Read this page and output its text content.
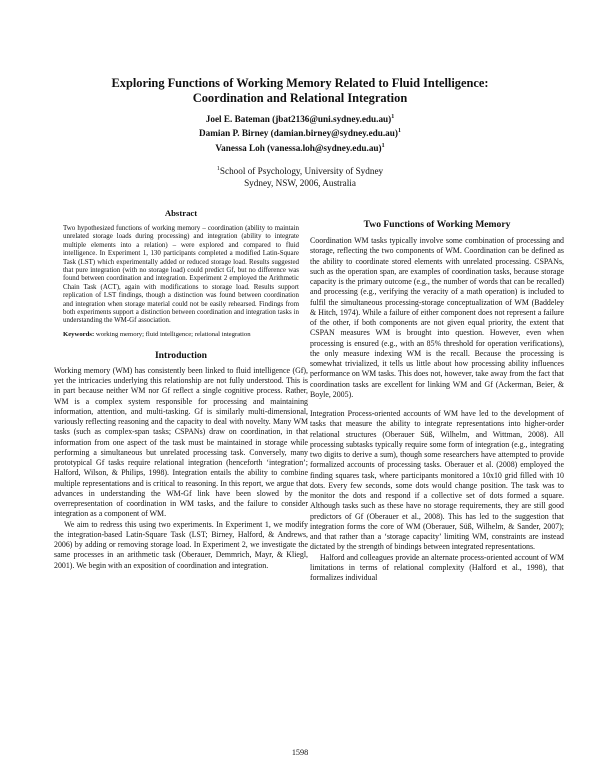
Exploring Functions of Working Memory Related to Fluid Intelligence:
Coordination and Relational Integration
Joel E. Bateman (jbat2136@uni.sydney.edu.au)$^1$
Damian P. Birney (damian.birney@sydney.edu.au)$^1$
Vanessa Loh (vanessa.loh@sydney.edu.au)$^1$
$^1$School of Psychology, University of Sydney
Sydney, NSW, 2006, Australia
Abstract

Two hypothesized functions of working memory – coordination (ability to maintain unrelated storage loads during processing) and integration (ability to integrate multiple elements into a relation) – were explored and compared to fluid intelligence. In Experiment 1, 130 participants completed a modified Latin-Square Task (LST) which experimentally added or reduced storage load. Results suggested that pure integration (with no storage load) could predict Gf, but no difference was found between coordination and integration. Experiment 2 employed the Arithmetic Chain Task (ACT), again with modifications to storage load. Results support replication of LST findings, though a distinction was found between coordination and integration when storage material could not be easily rehearsed. Findings from both experiments support a distinction between coordination and integration tasks in understanding the WM-Gf association.

Keywords: working memory; fluid intelligence; relational integration

Introduction

Working memory (WM) has consistently been linked to fluid intelligence (Gf), yet the intricacies underlying this relationship are not fully understood. This is in part because neither WM nor Gf reflect a single cognitive process. Rather, WM is a complex system responsible for processing and maintaining information, attention, and multi-tasking. Gf is similarly multi-dimensional, variously reflecting reasoning and the capacity to deal with novelty. Many WM tasks (such as complex-span tasks; CSPANs) draw on coordination, in that information from one aspect of the task must be maintained in storage while performing a simultaneous but unrelated processing task. Conversely, many prototypical Gf tasks require relational integration (henceforth ‘integration’; Halford, Wilson, & Philips, 1998). Integration entails the ability to combine multiple representations and is critical to reasoning. In this report, we argue that advances in understanding the WM-Gf link have been slowed by the overrepresentation of coordination in WM tasks, and the failure to consider integration as a component of WM.

We aim to redress this using two experiments. In Experiment 1, we modify the integration-based Latin-Square Task (LST; Birney, Halford, & Andrews, 2006) by adding or removing storage load. In Experiment 2, we investigate the same processes in an arithmetic task (Oberauer, Demmrich, Mayr, & Kliegl, 2001). We begin with an exposition of coordination and integration.

Two Functions of Working Memory

Coordination WM tasks typically involve some combination of processing and storage, reflecting the two components of WM. Coordination can be defined as the ability to coordinate stored elements with unrelated processing. CSPANs, such as the operation span, are examples of coordination tasks, because storage capacity is the primary outcome (e.g., the number of words that can be recalled) and processing (e.g., verifying the veracity of a math operation) is included to fulfil the simultaneous processing-storage conceptualization of WM (Baddeley & Hitch, 1974). While a failure of either component does not represent a failure of the other, if both components are not given equal priority, the extent that CSPAN measures WM is brought into question. However, even when processing is ensured (e.g., with an 85% threshold for operation verifications), the only measure indexing WM is the recall. Because the processing is somewhat trivialized, it tells us little about how processing ability influences performance on WM tasks. This does not, however, take away from the fact that coordination tasks are excellent for linking WM and Gf (Ackerman, Beier, & Boyle, 2005).

Integration Process-oriented accounts of WM have led to the development of tasks that measure the ability to integrate representations into higher-order relational structures (Oberauer Süß, Wilhelm, and Wittman, 2008). All processing subtasks typically require some form of integration (e.g., integrating two digits to derive a sum), though some researchers have attempted to provide formalized accounts of processing tasks. Oberauer et al. (2008) employed the finding squares task, where participants monitored a 10x10 grid filled with 10 dots. Every few seconds, some dots would change position. The task was to monitor the dots and respond if a collective set of dots formed a square. Although tasks such as these have no storage requirements, they are still good predictors of Gf (Oberauer et al., 2008). This has led to the suggestion that integration forms the core of WM (Oberauer, Süß, Wilhelm, & Sander, 2007); and that rather than a ‘storage capacity’ limiting WM, constraints are instead dictated by the strength of bindings between integrated representations.

Halford and colleagues provide an alternate process-oriented account of WM limitations in terms of relational complexity (Halford et al., 1998), that formalizes individual

1598
